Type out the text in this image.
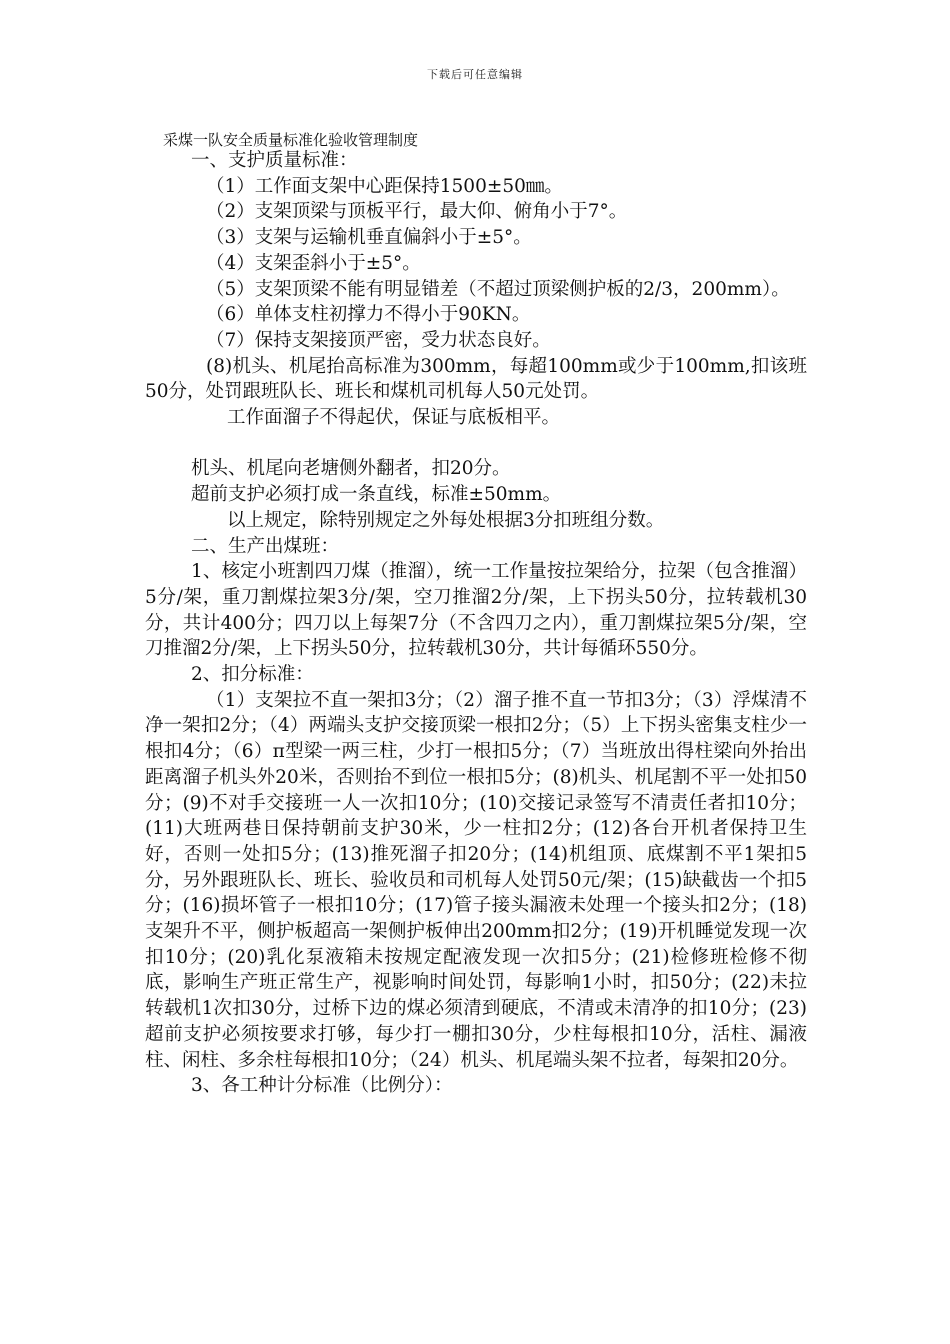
下载后可任意编辑
采煤一队安全质量标准化验收管理制度

一、支护质量标准：

（1）工作面支架中心距保持1500±50㎜。

（2）支架顶梁与顶板平行，最大仰、俯角小于7°。

（3）支架与运输机垂直偏斜小于±5°。

（4）支架歪斜小于±5°。

（5）支架顶梁不能有明显错差（不超过顶梁侧护板的2/3，200mm）。

（6）单体支柱初撑力不得小于90KN。

（7）保持支架接顶严密，受力状态良好。

(8)机头、机尾抬高标准为300mm，每超100mm或少于100mm,扣该班50分，处罚跟班队长、班长和煤机司机每人50元处罚。

工作面溜子不得起伏，保证与底板相平。

机头、机尾向老塘侧外翻者，扣20分。

超前支护必须打成一条直线，标准±50mm。

以上规定，除特别规定之外每处根据3分扣班组分数。

二、生产出煤班：

1、核定小班割四刀煤（推溜），统一工作量按拉架给分，拉架（包含推溜）5分/架，重刀割煤拉架3分/架，空刀推溜2分/架，上下拐头50分，拉转载机30分，共计400分；四刀以上每架7分（不含四刀之内），重刀割煤拉架5分/架，空刀推溜2分/架，上下拐头50分，拉转载机30分，共计每循环550分。

2、扣分标准：

（1）支架拉不直一架扣3分；（2）溜子推不直一节扣3分；（3）浮煤清不净一架扣2分；（4）两端头支护交接顶梁一根扣2分；（5）上下拐头密集支柱少一根扣4分；（6）π型梁一两三柱，少打一根扣5分；（7）当班放出得柱梁向外抬出距离溜子机头外20米，否则抬不到位一根扣5分；(8)机头、机尾割不平一处扣50分；(9)不对手交接班一人一次扣10分；(10)交接记录签写不清责任者扣10分；(11)大班两巷日保持朝前支护30米，少一柱扣2分；(12)各台开机者保持卫生好，否则一处扣5分；(13)推死溜子扣20分；(14)机组顶、底煤割不平1架扣5分，另外跟班队长、班长、验收员和司机每人处罚50元/架；(15)缺截齿一个扣5分；(16)损坏管子一根扣10分；(17)管子接头漏液未处理一个接头扣2分；(18)支架升不平，侧护板超高一架侧护板伸出200mm扣2分；(19)开机睡觉发现一次扣10分；(20)乳化泵液箱未按规定配液发现一次扣5分；(21)检修班检修不彻底，影响生产班正常生产，视影响时间处罚，每影响1小时，扣50分；(22)未拉转载机1次扣30分，过桥下边的煤必须清到硬底，不清或未清净的扣10分；(23)超前支护必须按要求打够，每少打一棚扣30分，少柱每根扣10分，活柱、漏液柱、闲柱、多余柱每根扣10分；（24）机头、机尾端头架不拉者，每架扣20分。

3、各工种计分标准（比例分）：
